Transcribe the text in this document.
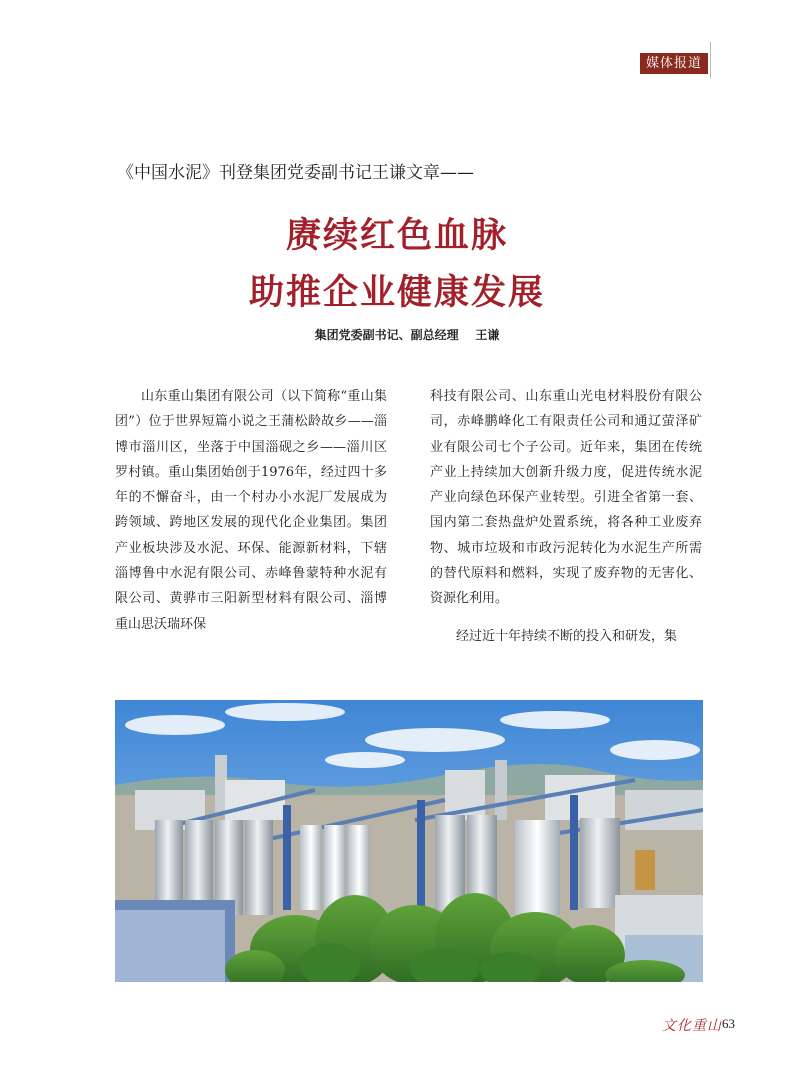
媒体报道
《中国水泥》刊登集团党委副书记王谦文章——
赓续红色血脉
助推企业健康发展
集团党委副书记、副总经理    王谦

山东重山集团有限公司（以下简称“重山集团”）位于世界短篇小说之王蒲松龄故乡——淄博市淄川区，坐落于中国淄砚之乡——淄川区罗村镇。重山集团始创于1976年，经过四十多年的不懈奋斗，由一个村办小水泥厂发展成为跨领域、跨地区发展的现代化企业集团。集团产业板块涉及水泥、环保、能源新材料，下辖淄博鲁中水泥有限公司、赤峰鲁蒙特种水泥有限公司、黄骅市三阳新型材料有限公司、淄博重山思沃瑞环保

科技有限公司、山东重山光电材料股份有限公司，赤峰鹏峰化工有限责任公司和通辽萤泽矿业有限公司七个子公司。近年来，集团在传统产业上持续加大创新升级力度，促进传统水泥产业向绿色环保产业转型。引进全省第一套、国内第二套热盘炉处置系统，将各种工业废弃物、城市垃圾和市政污泥转化为水泥生产所需的替代原料和燃料，实现了废弃物的无害化、资源化利用。

经过近十年持续不断的投入和研发，集

文化重山 63
